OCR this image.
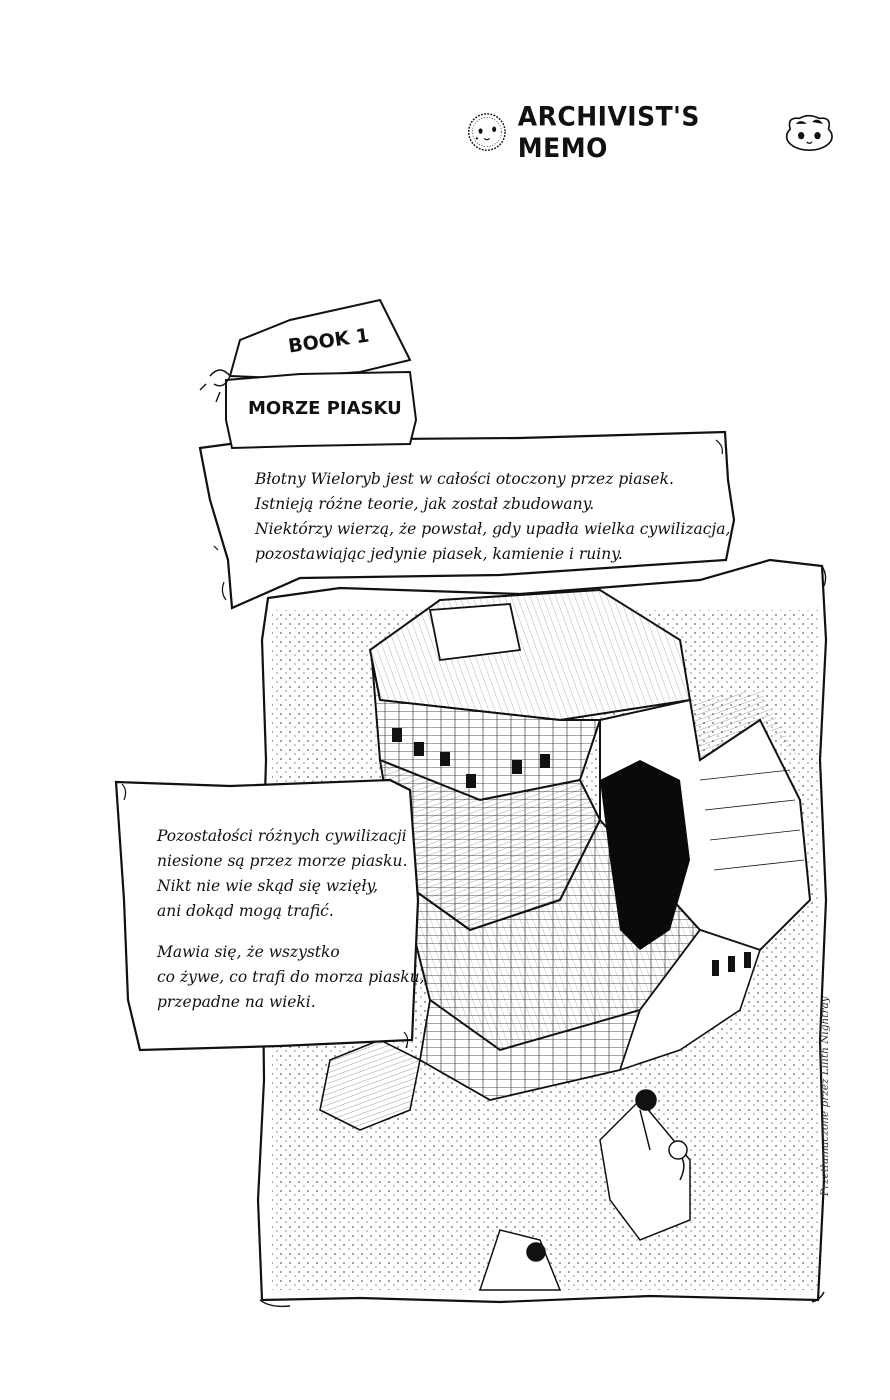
ARCHIVIST'S MEMO
BOOK 1
MORZE PIASKU
Błotny Wieloryb jest w całości otoczony przez piasek.
Istnieją różne teorie, jak został zbudowany.
Niektórzy wierzą, że powstał, gdy upadła wielka cywilizacja,
pozostawiając jedynie piasek, kamienie i ruiny.
Pozostałości różnych cywilizacji
niesione są przez morze piasku.
Nikt nie wie skąd się wzięły,
ani dokąd mogą trafić.
Mawia się, że wszystko
co żywe, co trafi do morza piasku,
przepadne na wieki.	Przetłumaczone przez Lilith Nightray
